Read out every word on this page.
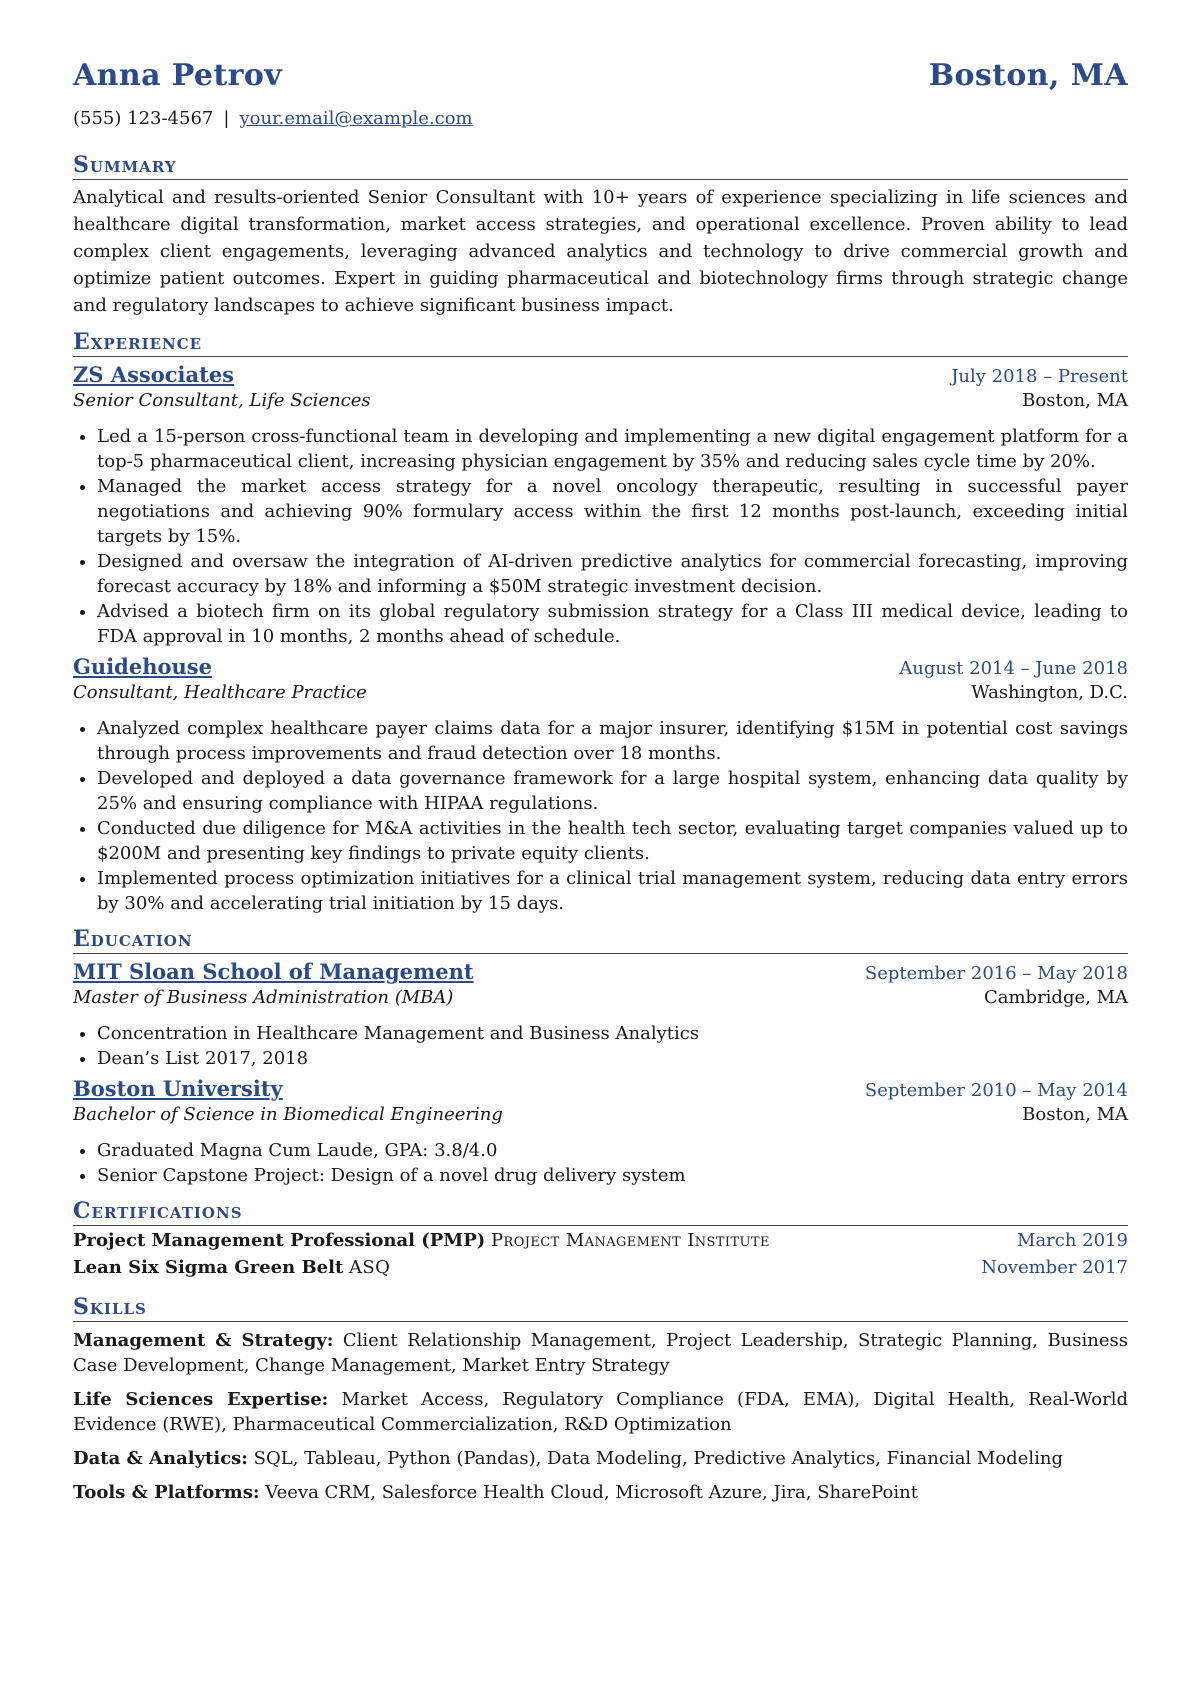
Anna Petrov	Boston, MA
(555) 123-4567 | your.email@example.com
Summary
Analytical and results-oriented Senior Consultant with 10+ years of experience specializing in life sciences and healthcare digital transformation, market access strategies, and operational excellence. Proven ability to lead complex client engagements, leveraging advanced analytics and technology to drive commercial growth and optimize patient outcomes. Expert in guiding pharmaceutical and biotechnology firms through strategic change and regulatory landscapes to achieve significant business impact.
Experience
ZS Associates	July 2018 – Present
Senior Consultant, Life Sciences	Boston, MA
• Led a 15-person cross-functional team in developing and implementing a new digital engagement platform for a top-5 pharmaceutical client, increasing physician engagement by 35% and reducing sales cycle time by 20%.
• Managed the market access strategy for a novel oncology therapeutic, resulting in successful payer negotiations and achieving 90% formulary access within the first 12 months post-launch, exceeding initial targets by 15%.
• Designed and oversaw the integration of AI-driven predictive analytics for commercial forecasting, improving forecast accuracy by 18% and informing a $50M strategic investment decision.
• Advised a biotech firm on its global regulatory submission strategy for a Class III medical device, leading to FDA approval in 10 months, 2 months ahead of schedule.
Guidehouse	August 2014 – June 2018
Consultant, Healthcare Practice	Washington, D.C.
• Analyzed complex healthcare payer claims data for a major insurer, identifying $15M in potential cost savings through process improvements and fraud detection over 18 months.
• Developed and deployed a data governance framework for a large hospital system, enhancing data quality by 25% and ensuring compliance with HIPAA regulations.
• Conducted due diligence for M&A activities in the health tech sector, evaluating target companies valued up to $200M and presenting key findings to private equity clients.
• Implemented process optimization initiatives for a clinical trial management system, reducing data entry errors by 30% and accelerating trial initiation by 15 days.
Education
MIT Sloan School of Management	September 2016 – May 2018
Master of Business Administration (MBA)	Cambridge, MA
• Concentration in Healthcare Management and Business Analytics
• Dean’s List 2017, 2018
Boston University	September 2010 – May 2014
Bachelor of Science in Biomedical Engineering	Boston, MA
• Graduated Magna Cum Laude, GPA: 3.8/4.0
• Senior Capstone Project: Design of a novel drug delivery system
Certifications
Project Management Professional (PMP) Project Management Institute	March 2019
Lean Six Sigma Green Belt ASQ	November 2017
Skills
Management & Strategy: Client Relationship Management, Project Leadership, Strategic Planning, Business Case Development, Change Management, Market Entry Strategy
Life Sciences Expertise: Market Access, Regulatory Compliance (FDA, EMA), Digital Health, Real-World Evidence (RWE), Pharmaceutical Commercialization, R&D Optimization
Data & Analytics: SQL, Tableau, Python (Pandas), Data Modeling, Predictive Analytics, Financial Modeling
Tools & Platforms: Veeva CRM, Salesforce Health Cloud, Microsoft Azure, Jira, SharePoint
